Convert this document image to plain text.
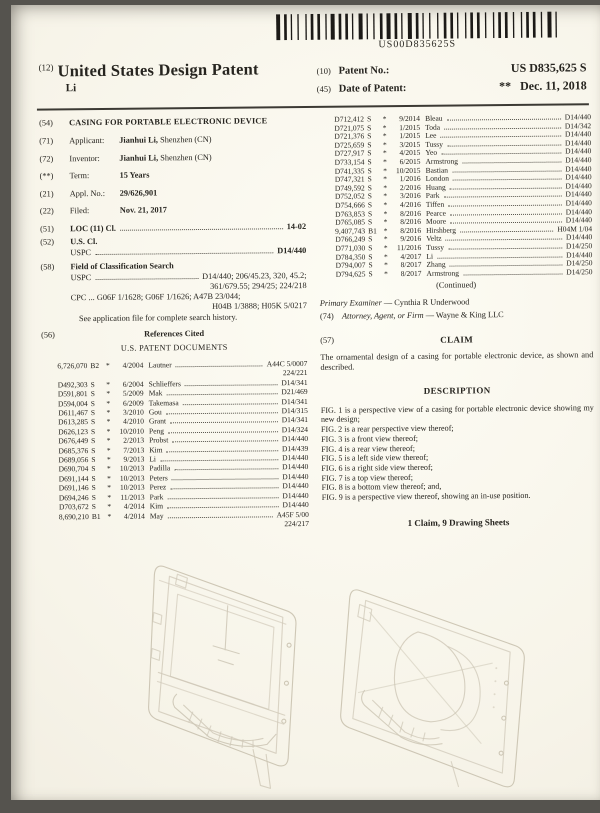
US00D835625S
$^{(12)}$ United States Design Patent
Li
(10) Patent No.:	US D835,625 S
(45) Date of Patent:	** Dec. 11, 2018
(54)	CASING FOR PORTABLE ELECTRONIC DEVICE
(71)	Applicant:	Jianhui Li, Shenzhen (CN)
(72)	Inventor:	Jianhui Li, Shenzhen (CN)
(**)	Term:	15 Years
(21)	Appl. No.:	29/626,901
(22)	Filed:	Nov. 21, 2017
(51)	LOC (11) Cl.	14-02
(52)	U.S. Cl.
USPC	D14/440
(58)	Field of Classification Search
USPC	D14/440; 206/45.23, 320, 45.2;
361/679.55; 294/25; 224/218
CPC ... G06F 1/1628; G06F 1/1626; A47B 23/044;
H04B 1/3888; H05K 5/0217
See application file for complete search history.
(56)	References Cited
U.S. PATENT DOCUMENTS
6,726,070 B2 *	4/2004 Lautner	A44C 5/0007
224/221
D492,303 S	*	6/2004 Schlieffers	D14/341
D591,801 S	*	5/2009 Mak	D21/469
D594,004 S	*	6/2009 Takemasa	D14/341
D611,467 S	*	3/2010 Gou	D14/315
D613,285 S	*	4/2010 Grant	D14/341
D626,123 S	*	10/2010 Peng	D14/324
D676,449 S	*	2/2013 Probst	D14/440
D685,376 S	*	7/2013 Kim	D14/439
D689,056 S	*	9/2013 Li	D14/440
D690,704 S	*	10/2013 Padilla	D14/440
D691,144 S	*	10/2013 Peters	D14/440
D691,146 S	*	10/2013 Perez	D14/440
D694,246 S	*	11/2013 Park	D14/440
D703,672 S	*	4/2014 Kim	D14/440
8,690,210 B1 *	4/2014 May	A45F 5/00
224/217
D712,412 S	*	9/2014 Bleau	D14/440
D721,075 S	*	1/2015 Toda	D14/342
D721,376 S	*	1/2015 Lee	D14/440
D725,659 S	*	3/2015 Tussy	D14/440
D727,917 S	*	4/2015 Yeo	D14/440
D733,154 S	*	6/2015 Armstrong	D14/440
D741,335 S	*	10/2015 Bastian	D14/440
D747,321 S	*	1/2016 London	D14/440
D749,592 S	*	2/2016 Huang	D14/440
D752,052 S	*	3/2016 Park	D14/440
D754,666 S	*	4/2016 Tiffen	D14/440
D763,853 S	*	8/2016 Pearce	D14/440
D765,085 S	*	8/2016 Moore	D14/440
9,407,743 B1 *	8/2016 Hirshberg	H04M 1/04
D766,249 S	*	9/2016 Veltz	D14/440
D771,030 S	*	11/2016 Tussy	D14/250
D784,350 S	*	4/2017 Li	D14/440
D794,007 S	*	8/2017 Zhang	D14/250
D794,625 S	*	8/2017 Armstrong	D14/250
(Continued)
Primary Examiner — Cynthia R Underwood
(74) Attorney, Agent, or Firm — Wayne & King LLC
(57)	CLAIM
The ornamental design of a casing for portable electronic device, as shown and described.
DESCRIPTION
FIG. 1 is a perspective view of a casing for portable electronic device showing my new design;
FIG. 2 is a rear perspective view thereof;
FIG. 3 is a front view thereof;
FIG. 4 is a rear view thereof;
FIG. 5 is a left side view thereof;
FIG. 6 is a right side view thereof;
FIG. 7 is a top view thereof;
FIG. 8 is a bottom view thereof; and,
FIG. 9 is a perspective view thereof, showing an in-use position.
1 Claim, 9 Drawing Sheets
